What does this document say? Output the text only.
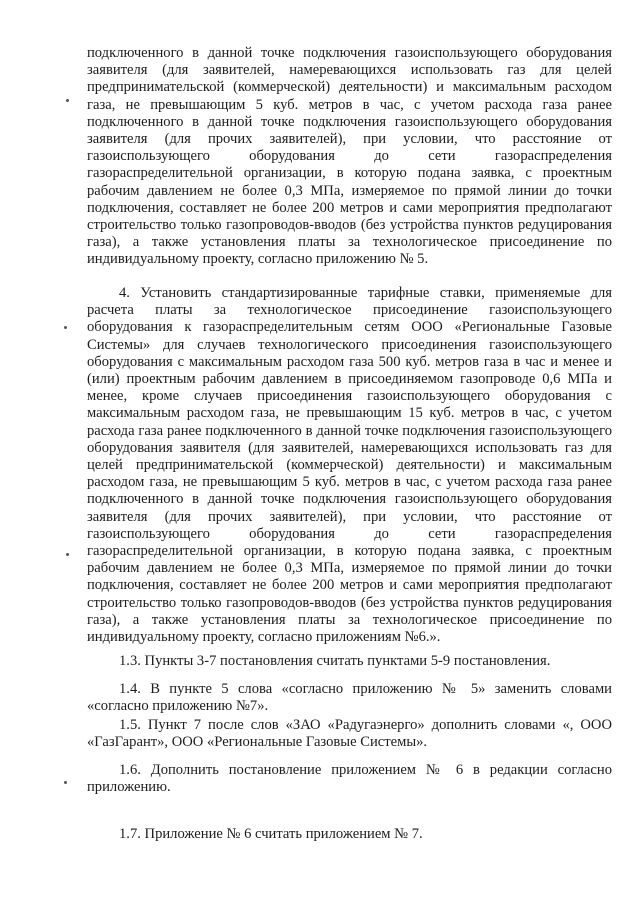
подключенного в данной точке подключения газоиспользующего оборудования заявителя (для заявителей, намеревающихся использовать газ для целей предпринимательской (коммерческой) деятельности) и максимальным расходом газа, не превышающим 5 куб. метров в час, с учетом расхода газа ранее подключенного в данной точке подключения газоиспользующего оборудования заявителя (для прочих заявителей), при условии, что расстояние от газоиспользующего оборудования до сети газораспределения газораспределительной организации, в которую подана заявка, с проектным рабочим давлением не более 0,3 МПа, измеряемое по прямой линии до точки подключения, составляет не более 200 метров и сами мероприятия предполагают строительство только газопроводов-вводов (без устройства пунктов редуцирования газа), а также установления платы за технологическое присоединение по индивидуальному проекту, согласно приложению № 5.

4. Установить стандартизированные тарифные ставки, применяемые для расчета платы за технологическое присоединение газоиспользующего оборудования к газораспределительным сетям ООО «Региональные Газовые Системы» для случаев технологического присоединения газоиспользующего оборудования с максимальным расходом газа 500 куб. метров газа в час и менее и (или) проектным рабочим давлением в присоединяемом газопроводе 0,6 МПа и менее, кроме случаев присоединения газоиспользующего оборудования с максимальным расходом газа, не превышающим 15 куб. метров в час, с учетом расхода газа ранее подключенного в данной точке подключения газоиспользующего оборудования заявителя (для заявителей, намеревающихся использовать газ для целей предпринимательской (коммерческой) деятельности) и максимальным расходом газа, не превышающим 5 куб. метров в час, с учетом расхода газа ранее подключенного в данной точке подключения газоиспользующего оборудования заявителя (для прочих заявителей), при условии, что расстояние от газоиспользующего оборудования до сети газораспределения газораспределительной организации, в которую подана заявка, с проектным рабочим давлением не более 0,3 МПа, измеряемое по прямой линии до точки подключения, составляет не более 200 метров и сами мероприятия предполагают строительство только газопроводов-вводов (без устройства пунктов редуцирования газа), а также установления платы за технологическое присоединение по индивидуальному проекту, согласно приложениям №6.».

1.3. Пункты 3-7 постановления считать пунктами 5-9 постановления.

1.4. В пункте 5 слова «согласно приложению № 5» заменить словами «согласно приложению №7».

1.5. Пункт 7 после слов «ЗАО «Радугаэнерго» дополнить словами «, ООО «ГазГарант», ООО «Региональные Газовые Системы».

1.6. Дополнить постановление приложением № 6 в редакции согласно приложению.

1.7. Приложение № 6 считать приложением № 7.
